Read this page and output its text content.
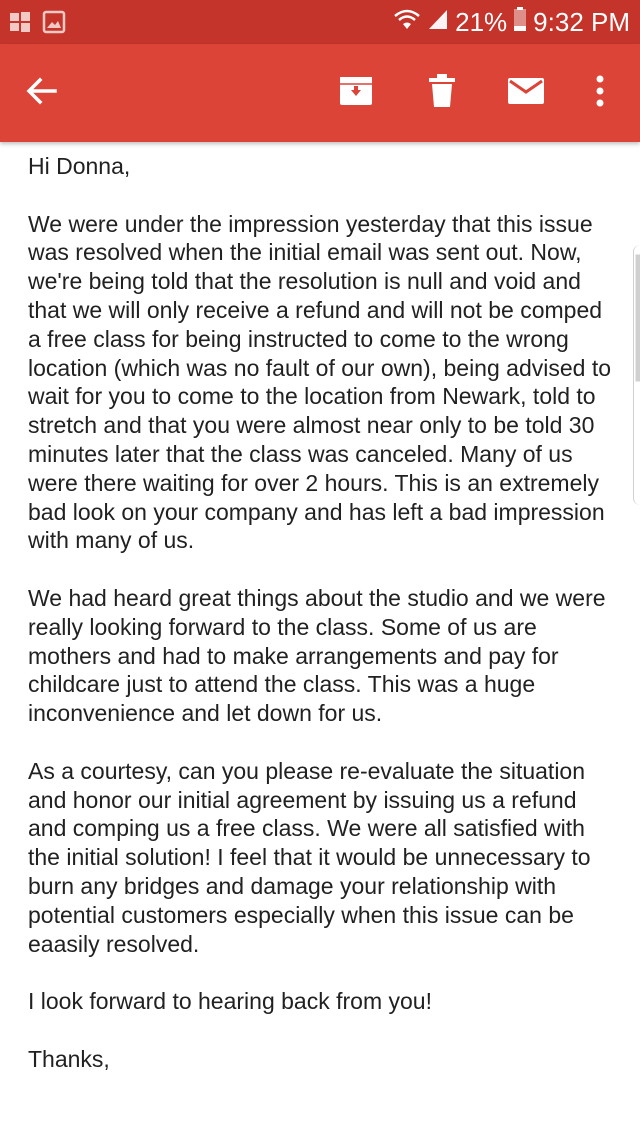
21% 9:32 PM

Hi Donna,

We were under the impression yesterday that this issue was resolved when the initial email was sent out. Now, we're being told that the resolution is null and void and that we will only receive a refund and will not be comped a free class for being instructed to come to the wrong location (which was no fault of our own), being advised to wait for you to come to the location from Newark, told to stretch and that you were almost near only to be told 30 minutes later that the class was canceled. Many of us were there waiting for over 2 hours. This is an extremely bad look on your company and has left a bad impression with many of us.

We had heard great things about the studio and we were really looking forward to the class. Some of us are mothers and had to make arrangements and pay for childcare just to attend the class. This was a huge inconvenience and let down for us.

As a courtesy, can you please re-evaluate the situation and honor our initial agreement by issuing us a refund and comping us a free class. We were all satisfied with the initial solution! I feel that it would be unnecessary to burn any bridges and damage your relationship with potential customers especially when this issue can be eaasily resolved.

I look forward to hearing back from you!

Thanks,
